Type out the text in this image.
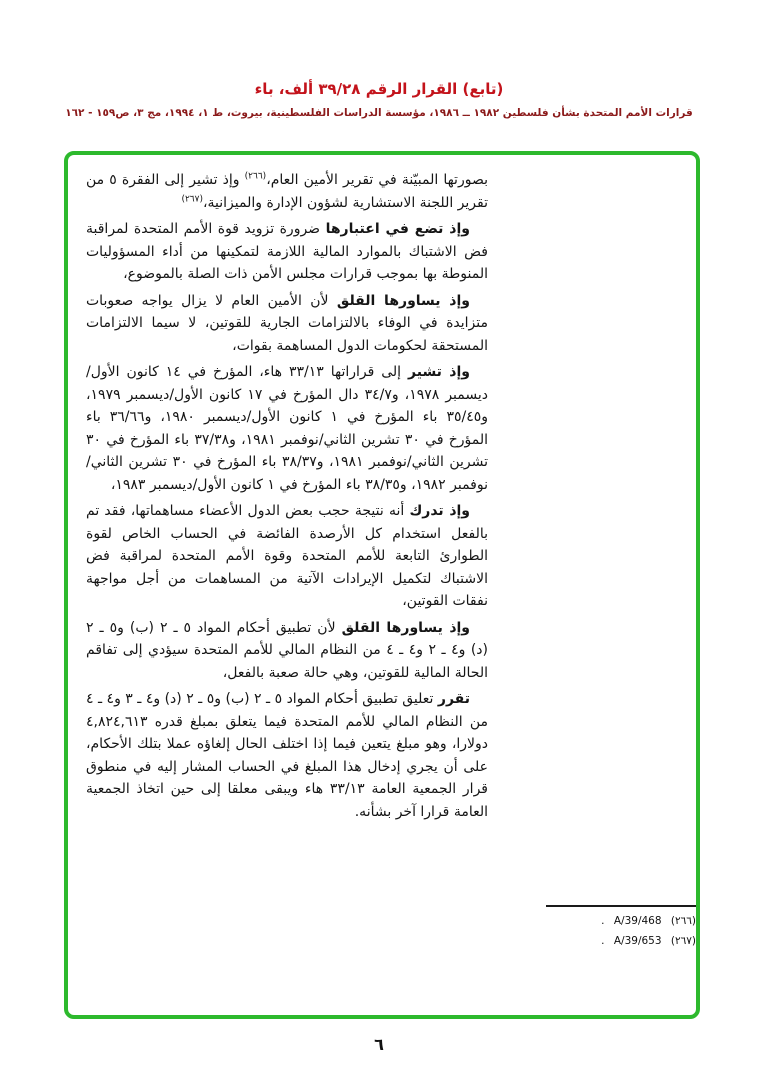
(تابع) القرار الرقم ٣٩/٢٨ ألف، باء
قرارات الأمم المتحدة بشأن فلسطين ١٩٨٢ ــ ١٩٨٦، مؤسسة الدراسات الفلسطينية، بيروت، ط ١، ١٩٩٤، مج ٣، ص١٥٩ - ١٦٢

بصورتها المبيّنة في تقرير الأمين العام،$^{(٢٦٦)}$ وإذ تشير إلى الفقرة ٥ من تقرير اللجنة الاستشارية لشؤون الإدارة والميزانية،$^{(٢٦٧)}$

وإذ تضع في اعتبارها ضرورة تزويد قوة الأمم المتحدة لمراقبة فض الاشتباك بالموارد المالية اللازمة لتمكينها من أداء المسؤوليات المنوطة بها بموجب قرارات مجلس الأمن ذات الصلة بالموضوع،

وإذ يساورها القلق لأن الأمين العام لا يزال يواجه صعوبات متزايدة في الوفاء بالالتزامات الجارية للقوتين، لا سيما الالتزامات المستحقة لحكومات الدول المساهمة بقوات،

وإذ تشير إلى قراراتها ٣٣/١٣ هاء، المؤرخ في ١٤ كانون الأول/ديسمبر ١٩٧٨، و٣٤/٧ دال المؤرخ في ١٧ كانون الأول/ديسمبر ١٩٧٩، و٣٥/٤٥ باء المؤرخ في ١ كانون الأول/ديسمبر ١٩٨٠، و٣٦/٦٦ باء المؤرخ في ٣٠ تشرين الثاني/نوفمبر ١٩٨١، و٣٧/٣٨ باء المؤرخ في ٣٠ تشرين الثاني/نوفمبر ١٩٨١، و٣٨/٣٧ باء المؤرخ في ٣٠ تشرين الثاني/نوفمبر ١٩٨٢، و٣٨/٣٥ باء المؤرخ في ١ كانون الأول/ديسمبر ١٩٨٣،

وإذ تدرك أنه نتيجة حجب بعض الدول الأعضاء مساهماتها، فقد تم بالفعل استخدام كل الأرصدة الفائضة في الحساب الخاص لقوة الطوارئ التابعة للأمم المتحدة وقوة الأمم المتحدة لمراقبة فض الاشتباك لتكميل الإيرادات الآتية من المساهمات من أجل مواجهة نفقات القوتين،

وإذ يساورها القلق لأن تطبيق أحكام المواد ٥ ـ ٢ (ب) و٥ ـ ٢ (د) و٤ ـ ٢ و٤ ـ ٤ من النظام المالي للأمم المتحدة سيؤدي إلى تفاقم الحالة المالية للقوتين، وهي حالة صعبة بالفعل،

تقرر تعليق تطبيق أحكام المواد ٥ ـ ٢ (ب) و٥ ـ ٢ (د) و٤ ـ ٣ و٤ ـ ٤ من النظام المالي للأمم المتحدة فيما يتعلق بمبلغ قدره ٤,٨٢٤,٦١٣ دولارا، وهو مبلغ يتعين فيما إذا اختلف الحال إلغاؤه عملا بتلك الأحكام، على أن يجري إدخال هذا المبلغ في الحساب المشار إليه في منطوق قرار الجمعية العامة ٣٣/١٣ هاء ويبقى معلقا إلى حين اتخاذ الجمعية العامة قرارا آخر بشأنه.

(٢٦٦) A/39/468 .
(٢٦٧) A/39/653 .
٦
